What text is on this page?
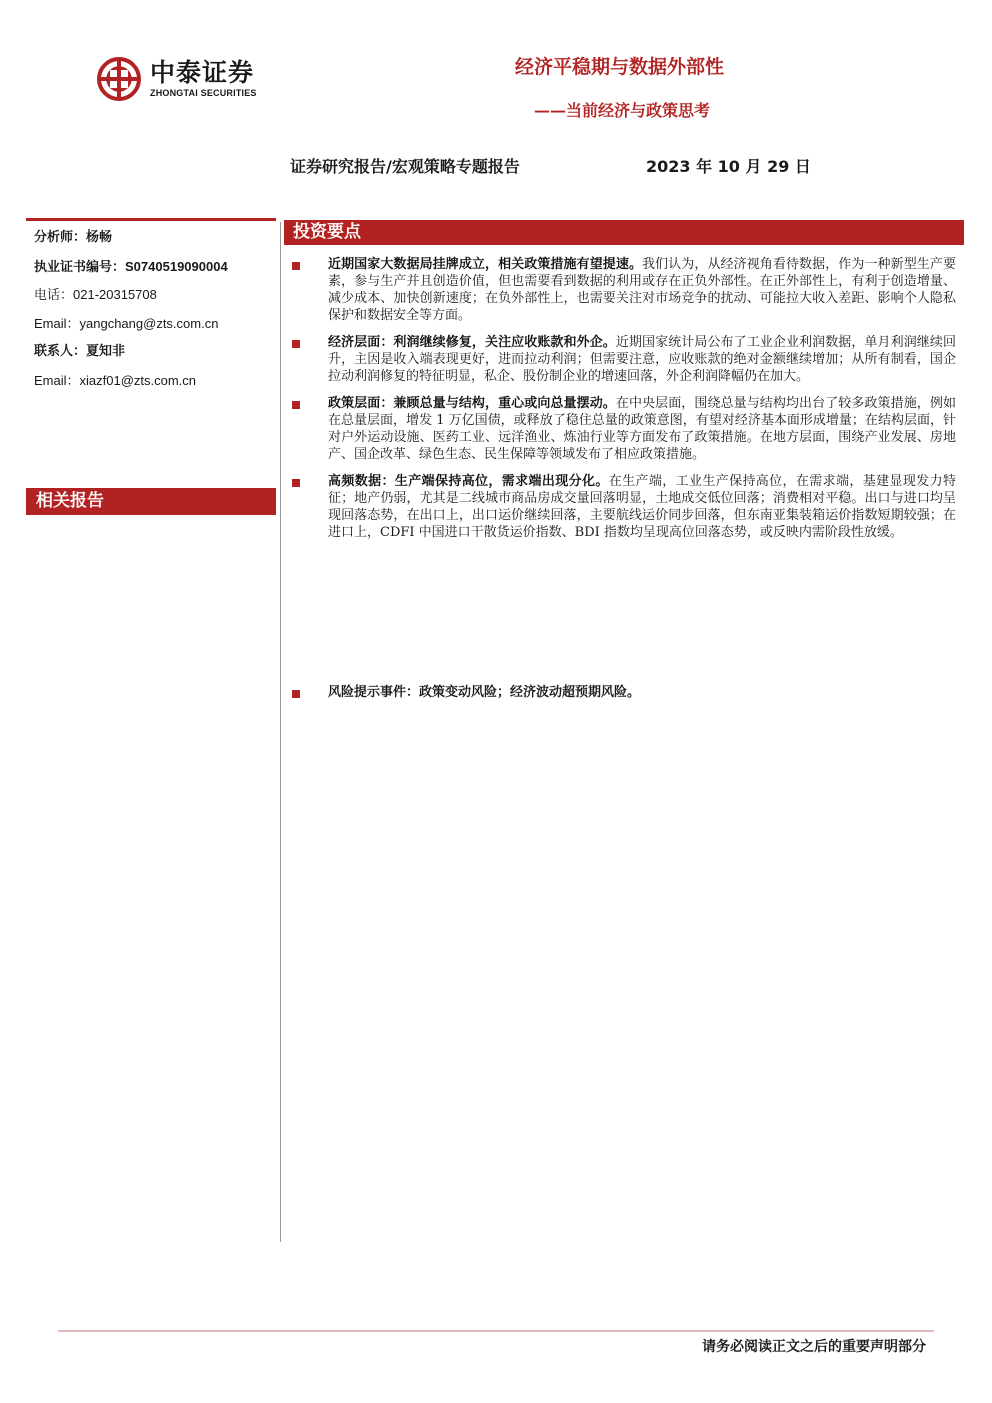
中泰证券
ZHONGTAI SECURITIES
经济平稳期与数据外部性
——当前经济与政策思考
证券研究报告/宏观策略专题报告	2023 年 10 月 29 日
分析师：杨畅
执业证书编号：S0740519090004
电话：021-20315708
Email：yangchang@zts.com.cn
联系人：夏知非
Email：xiazf01@zts.com.cn
相关报告
投资要点
近期国家大数据局挂牌成立，相关政策措施有望提速。我们认为，从经济视角看待数据，作为一种新型生产要素，参与生产并且创造价值，但也需要看到数据的利用或存在正负外部性。在正外部性上，有利于创造增量、减少成本、加快创新速度；在负外部性上，也需要关注对市场竞争的扰动、可能拉大收入差距、影响个人隐私保护和数据安全等方面。
经济层面：利润继续修复，关注应收账款和外企。近期国家统计局公布了工业企业利润数据，单月利润继续回升，主因是收入端表现更好，进而拉动利润；但需要注意，应收账款的绝对金额继续增加；从所有制看，国企拉动利润修复的特征明显，私企、股份制企业的增速回落，外企利润降幅仍在加大。
政策层面：兼顾总量与结构，重心或向总量摆动。在中央层面，围绕总量与结构均出台了较多政策措施，例如在总量层面，增发 1 万亿国债，或释放了稳住总量的政策意图，有望对经济基本面形成增量；在结构层面，针对户外运动设施、医药工业、远洋渔业、炼油行业等方面发布了政策措施。在地方层面，围绕产业发展、房地产、国企改革、绿色生态、民生保障等领域发布了相应政策措施。
高频数据：生产端保持高位，需求端出现分化。在生产端，工业生产保持高位，在需求端，基建显现发力特征；地产仍弱，尤其是二线城市商品房成交量回落明显，土地成交低位回落；消费相对平稳。出口与进口均呈现回落态势，在出口上，出口运价继续回落，主要航线运价同步回落，但东南亚集装箱运价指数短期较强；在进口上，CDFI 中国进口干散货运价指数、BDI 指数均呈现高位回落态势，或反映内需阶段性放缓。
风险提示事件：政策变动风险；经济波动超预期风险。
请务必阅读正文之后的重要声明部分
